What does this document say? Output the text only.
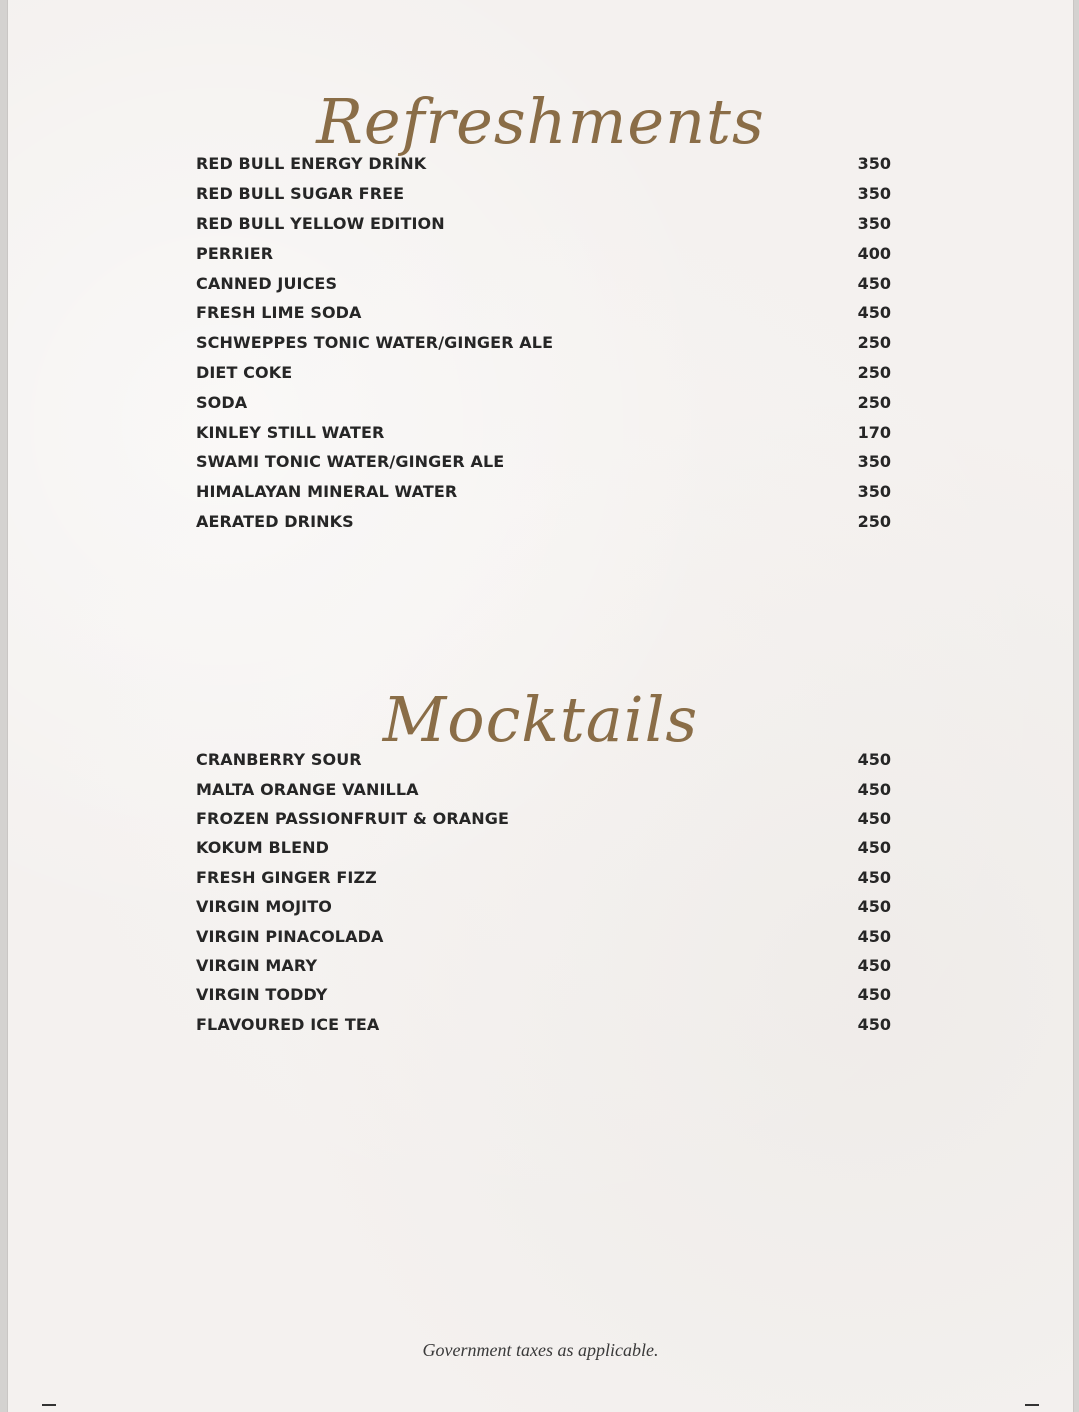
Refreshments
RED BULL ENERGY DRINK	350
RED BULL SUGAR FREE	350
RED BULL YELLOW EDITION	350
PERRIER	400
CANNED JUICES	450
FRESH LIME SODA	450
SCHWEPPES TONIC WATER/GINGER ALE	250
DIET COKE	250
SODA	250
KINLEY STILL WATER	170
SWAMI TONIC WATER/GINGER ALE	350
HIMALAYAN MINERAL WATER	350
AERATED DRINKS	250
Mocktails
CRANBERRY SOUR	450
MALTA ORANGE VANILLA	450
FROZEN PASSIONFRUIT & ORANGE	450
KOKUM BLEND	450
FRESH GINGER FIZZ	450
VIRGIN MOJITO	450
VIRGIN PINACOLADA	450
VIRGIN MARY	450
VIRGIN TODDY	450
FLAVOURED ICE TEA	450
Government taxes as applicable.
